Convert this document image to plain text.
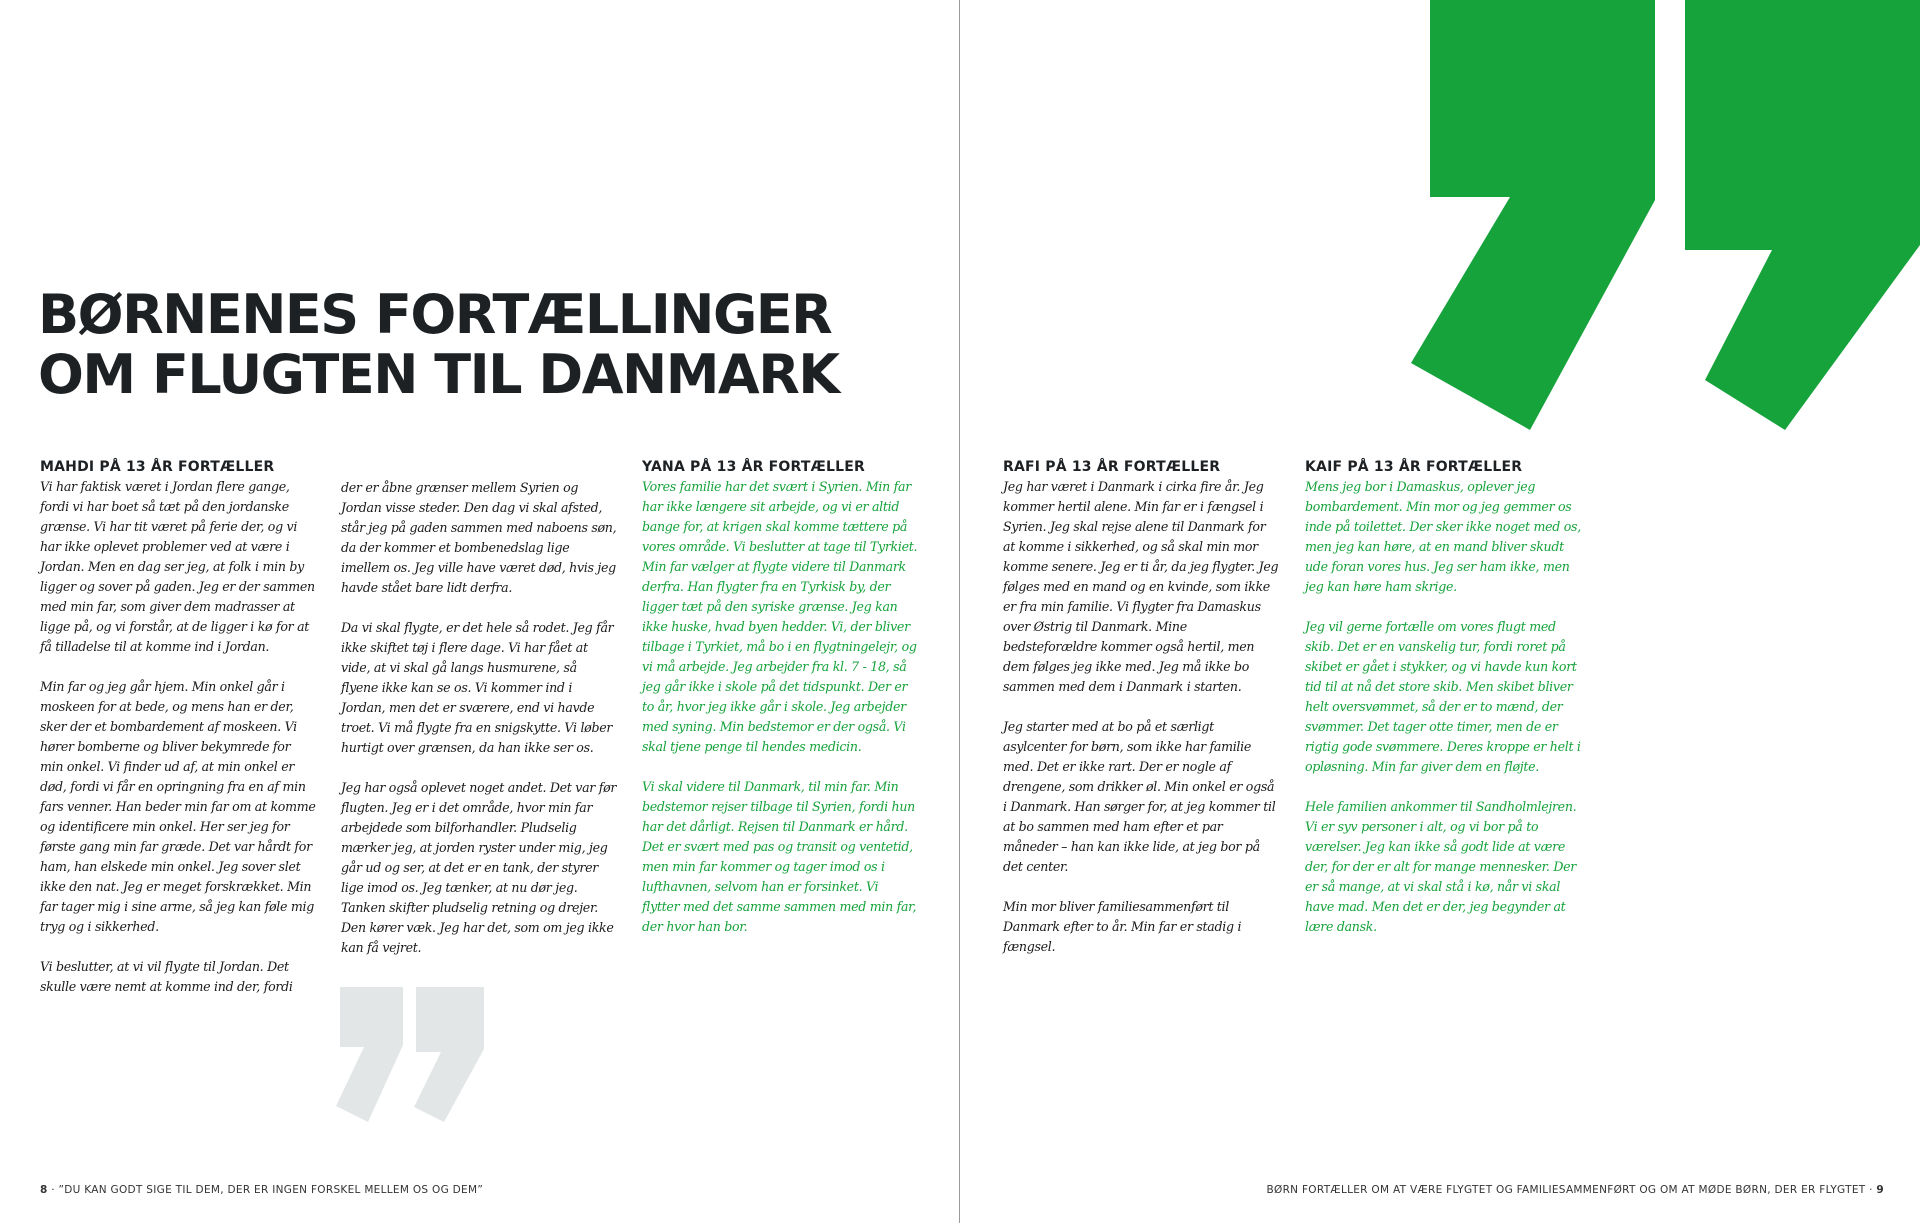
BØRNENES FORTÆLLINGER
OM FLUGTEN TIL DANMARK
MAHDI PÅ 13 ÅR FORTÆLLER

Vi har faktisk været i Jordan flere gange, fordi vi har boet så tæt på den jordanske grænse. Vi har tit været på ferie der, og vi har ikke oplevet problemer ved at være i Jordan. Men en dag ser jeg, at folk i min by ligger og sover på gaden. Jeg er der sammen med min far, som giver dem madrasser at ligge på, og vi forstår, at de ligger i kø for at få tilladelse til at komme ind i Jordan.

Min far og jeg går hjem. Min onkel går i moskeen for at bede, og mens han er der, sker der et bombardement af moskeen. Vi hører bomberne og bliver bekymrede for min onkel. Vi finder ud af, at min onkel er død, fordi vi får en opringning fra en af min fars venner. Han beder min far om at komme og identificere min onkel. Her ser jeg for første gang min far græde. Det var hårdt for ham, han elskede min onkel. Jeg sover slet ikke den nat. Jeg er meget forskrækket. Min far tager mig i sine arme, så jeg kan føle mig tryg og i sikkerhed.

Vi beslutter, at vi vil flygte til Jordan. Det skulle være nemt at komme ind der, fordi

der er åbne grænser mellem Syrien og Jordan visse steder. Den dag vi skal afsted, står jeg på gaden sammen med naboens søn, da der kommer et bombenedslag lige imellem os. Jeg ville have været død, hvis jeg havde stået bare lidt derfra.

Da vi skal flygte, er det hele så rodet. Jeg får ikke skiftet tøj i flere dage. Vi har fået at vide, at vi skal gå langs husmurene, så flyene ikke kan se os. Vi kommer ind i Jordan, men det er sværere, end vi havde troet. Vi må flygte fra en snigskytte. Vi løber hurtigt over grænsen, da han ikke ser os.

Jeg har også oplevet noget andet. Det var før flugten. Jeg er i det område, hvor min far arbejdede som bilforhandler. Pludselig mærker jeg, at jorden ryster under mig, jeg går ud og ser, at det er en tank, der styrer lige imod os. Jeg tænker, at nu dør jeg. Tanken skifter pludselig retning og drejer. Den kører væk. Jeg har det, som om jeg ikke kan få vejret.

YANA PÅ 13 ÅR FORTÆLLER

Vores familie har det svært i Syrien. Min far har ikke længere sit arbejde, og vi er altid bange for, at krigen skal komme tættere på vores område. Vi beslutter at tage til Tyrkiet. Min far vælger at flygte videre til Danmark derfra. Han flygter fra en Tyrkisk by, der ligger tæt på den syriske grænse. Jeg kan ikke huske, hvad byen hedder. Vi, der bliver tilbage i Tyrkiet, må bo i en flygtningelejr, og vi må arbejde. Jeg arbejder fra kl. 7 - 18, så jeg går ikke i skole på det tidspunkt. Der er to år, hvor jeg ikke går i skole. Jeg arbejder med syning. Min bedstemor er der også. Vi skal tjene penge til hendes medicin.

Vi skal videre til Danmark, til min far. Min bedstemor rejser tilbage til Syrien, fordi hun har det dårligt. Rejsen til Danmark er hård. Det er svært med pas og transit og ventetid, men min far kommer og tager imod os i lufthavnen, selvom han er forsinket. Vi flytter med det samme sammen med min far, der hvor han bor.

RAFI PÅ 13 ÅR FORTÆLLER

Jeg har været i Danmark i cirka fire år. Jeg kommer hertil alene. Min far er i fængsel i Syrien. Jeg skal rejse alene til Danmark for at komme i sikkerhed, og så skal min mor komme senere. Jeg er ti år, da jeg flygter. Jeg følges med en mand og en kvinde, som ikke er fra min familie. Vi flygter fra Damaskus over Østrig til Danmark. Mine bedsteforældre kommer også hertil, men dem følges jeg ikke med. Jeg må ikke bo sammen med dem i Danmark i starten.

Jeg starter med at bo på et særligt asylcenter for børn, som ikke har familie med. Det er ikke rart. Der er nogle af drengene, som drikker øl. Min onkel er også i Danmark. Han sørger for, at jeg kommer til at bo sammen med ham efter et par måneder – han kan ikke lide, at jeg bor på det center.

Min mor bliver familiesammenført til Danmark efter to år. Min far er stadig i fængsel.

KAIF PÅ 13 ÅR FORTÆLLER

Mens jeg bor i Damaskus, oplever jeg bombardement. Min mor og jeg gemmer os inde på toilettet. Der sker ikke noget med os, men jeg kan høre, at en mand bliver skudt ude foran vores hus. Jeg ser ham ikke, men jeg kan høre ham skrige.

Jeg vil gerne fortælle om vores flugt med skib. Det er en vanskelig tur, fordi roret på skibet er gået i stykker, og vi havde kun kort tid til at nå det store skib. Men skibet bliver helt oversvømmet, så der er to mænd, der svømmer. Det tager otte timer, men de er rigtig gode svømmere. Deres kroppe er helt i opløsning. Min far giver dem en fløjte.

Hele familien ankommer til Sandholmlejren. Vi er syv personer i alt, og vi bor på to værelser. Jeg kan ikke så godt lide at være der, for der er alt for mange mennesker. Der er så mange, at vi skal stå i kø, når vi skal have mad. Men det er der, jeg begynder at lære dansk.

8 · ”DU KAN GODT SIGE TIL DEM, DER ER INGEN FORSKEL MELLEM OS OG DEM”	BØRN FORTÆLLER OM AT VÆRE FLYGTET OG FAMILIESAMMENFØRT OG OM AT MØDE BØRN, DER ER FLYGTET · 9
